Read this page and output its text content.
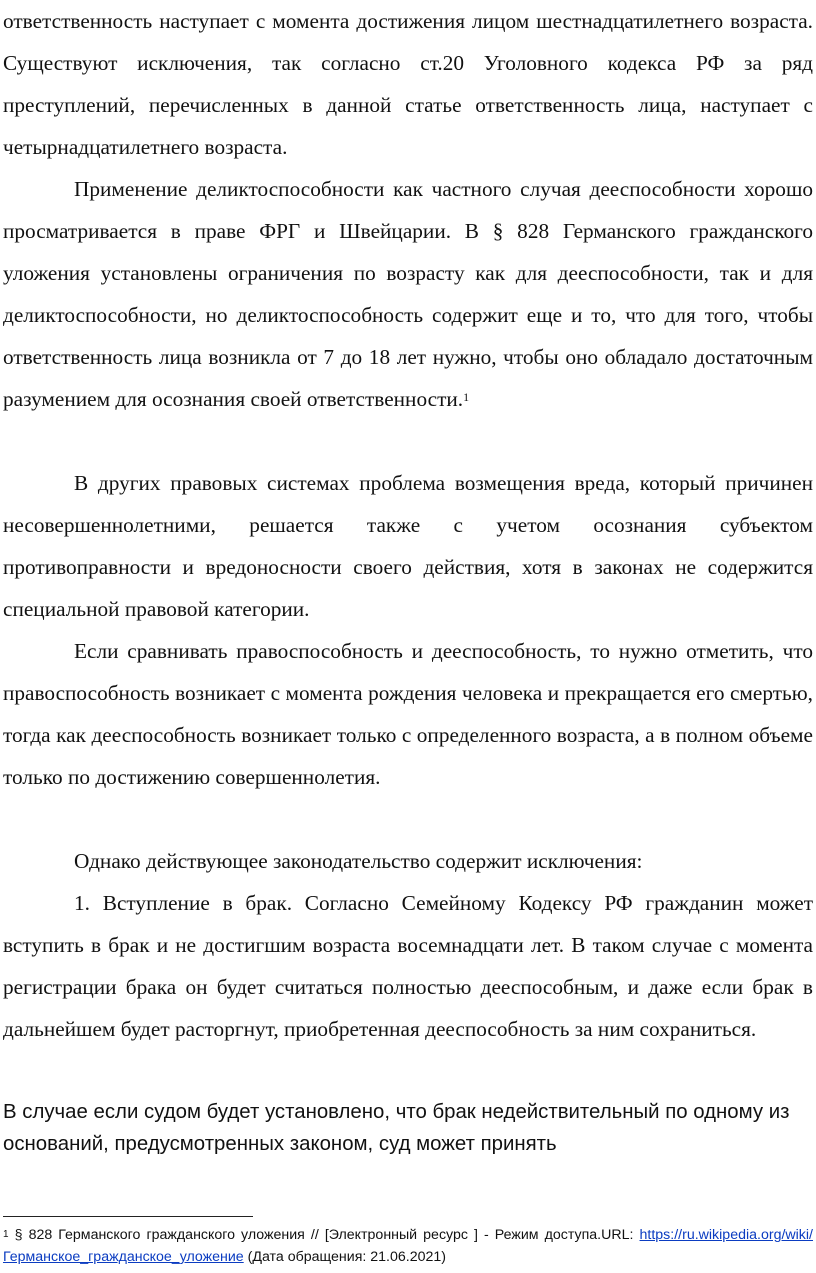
ответственность наступает с момента достижения лицом шестнадцатилетнего возраста. Существуют исключения, так согласно ст.20 Уголовного кодекса РФ за ряд преступлений, перечисленных в данной статье ответственность лица, наступает с четырнадцатилетнего возраста.

Применение деликтоспособности как частного случая дееспособности хорошо просматривается в праве ФРГ и Швейцарии. В § 828 Германского гражданского уложения установлены ограничения по возрасту как для дееспособности, так и для деликтоспособности, но деликтоспособность содержит еще и то, что для того, чтобы ответственность лица возникла от 7 до 18 лет нужно, чтобы оно обладало достаточным разумением для осознания своей ответственности.$^1$

В других правовых системах проблема возмещения вреда, который причинен несовершеннолетними, решается также с учетом осознания субъектом противоправности и вредоносности своего действия, хотя в законах не содержится специальной правовой категории.

Если сравнивать правоспособность и дееспособность, то нужно отметить, что правоспособность возникает с момента рождения человека и прекращается его смертью, тогда как дееспособность возникает только с определенного возраста, а в полном объеме только по достижению совершеннолетия.

Однако действующее законодательство содержит исключения:

1. Вступление в брак. Согласно Семейному Кодексу РФ гражданин может вступить в брак и не достигшим возраста восемнадцати лет. В таком случае с момента регистрации брака он будет считаться полностью дееспособным, и даже если брак в дальнейшем будет расторгнут, приобретенная дееспособность за ним сохраниться.

В случае если судом будет установлено, что брак недействительный по одному из оснований, предусмотренных законом, суд может принять

$^1$ § 828 Германского гражданского уложения // [Электронный ресурс ] - Режим доступа.URL: https://ru.wikipedia.org/wiki/Германское_гражданское_уложение (Дата обращения: 21.06.2021)
